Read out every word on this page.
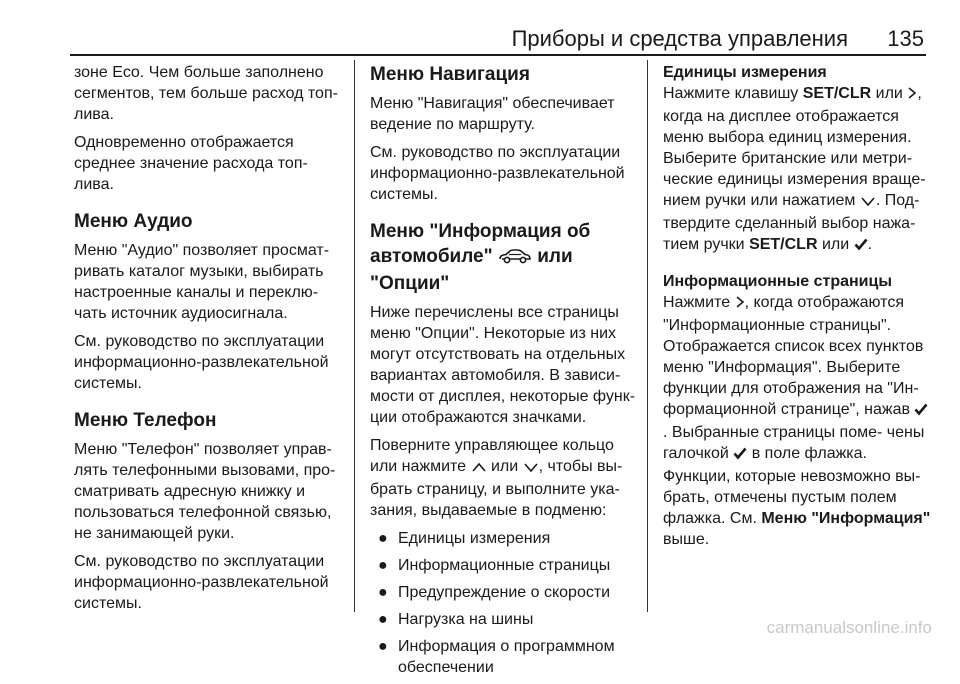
Приборы и средства управления 135

зоне Eco. Чем больше заполнено сегментов, тем больше расход топ- лива.

Одновременно отображается среднее значение расхода топ- лива.

Меню Аудио

Меню "Аудио" позволяет просмат- ривать каталог музыки, выбирать настроенные каналы и переклю- чать источник аудиосигнала.

См. руководство по эксплуатации информационно-развлекательной системы.

Меню Телефон

Меню "Телефон" позволяет управ- лять телефонными вызовами, про- сматривать адресную книжку и пользоваться телефонной связью, не занимающей руки.

См. руководство по эксплуатации информационно-развлекательной системы.

Меню Навигация

Меню "Навигация" обеспечивает ведение по маршруту.

См. руководство по эксплуатации информационно-развлекательной системы.

Меню "Информация об
автомобиле" или "Опции"

Ниже перечислены все страницы меню "Опции". Некоторые из них могут отсутствовать на отдельных вариантах автомобиля. В зависи- мости от дисплея, некоторые функ- ции отображаются значками.

Поверните управляющее кольцо или нажмите или , чтобы вы- брать страницу, и выполните ука- зания, выдаваемые в подменю:

● Единицы измерения
● Информационные страницы
● Предупреждение о скорости
● Нагрузка на шины
● Информация о программном обеспечении
Единицы измерения

Нажмите клавишу SET/CLR или , когда на дисплее отображается меню выбора единиц измерения. Выберите британские или метри- ческие единицы измерения враще- нием ручки или нажатием . Под- твердите сделанный выбор нажа- тием ручки SET/CLR или .

Информационные страницы

Нажмите , когда отображаются "Информационные страницы". Отображается список всех пунктов меню "Информация". Выберите функции для отображения на "Ин- формационной странице", нажав . Выбранные страницы поме- чены галочкой в поле флажка. Функции, которые невозможно вы- брать, отмечены пустым полем флажка. См. Меню "Информация" выше.

carmanualsonline.info
